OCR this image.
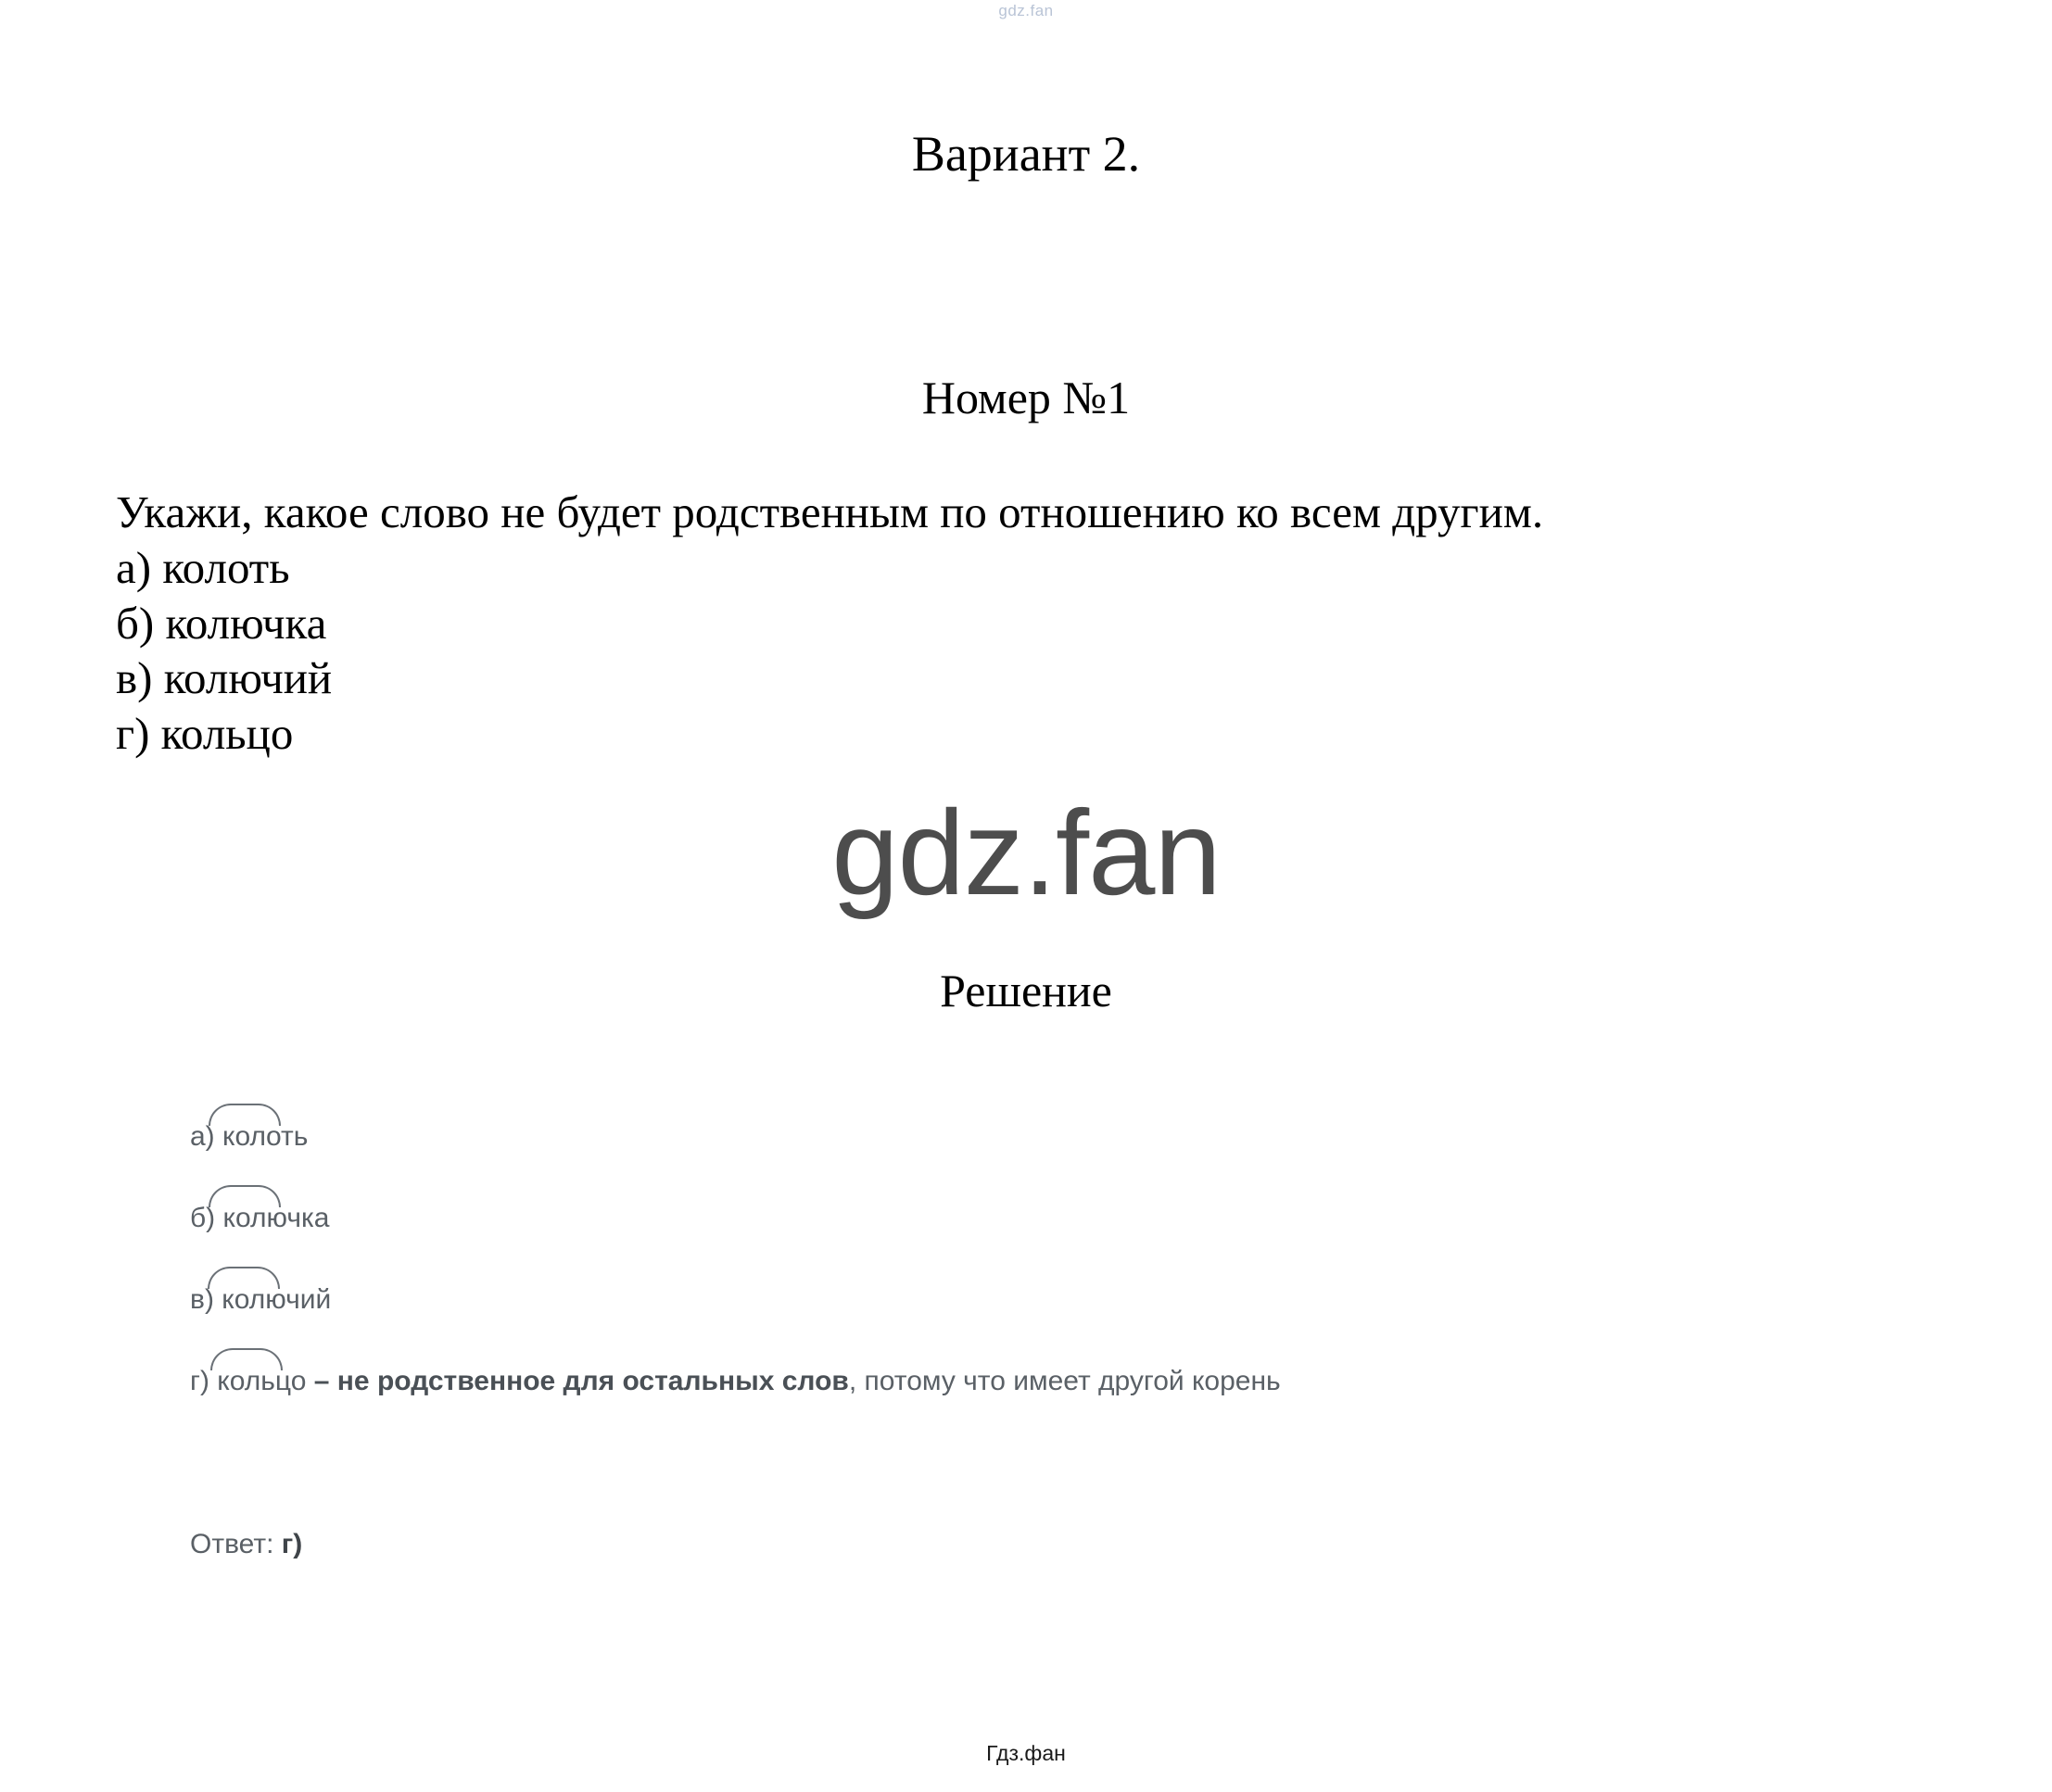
gdz.fan
Вариант 2.
Номер №1
Укажи, какое слово не будет родственным по отношению ко всем другим.
а) колоть
б) колючка
в) колючий
г) кольцо
gdz.fan
Решение
а)
колоть
б)
колючка
в)
колючий
г)
кольцо – не родственное для остальных слов, потому что имеет другой корень
Ответ: г)
Гдз.фан
